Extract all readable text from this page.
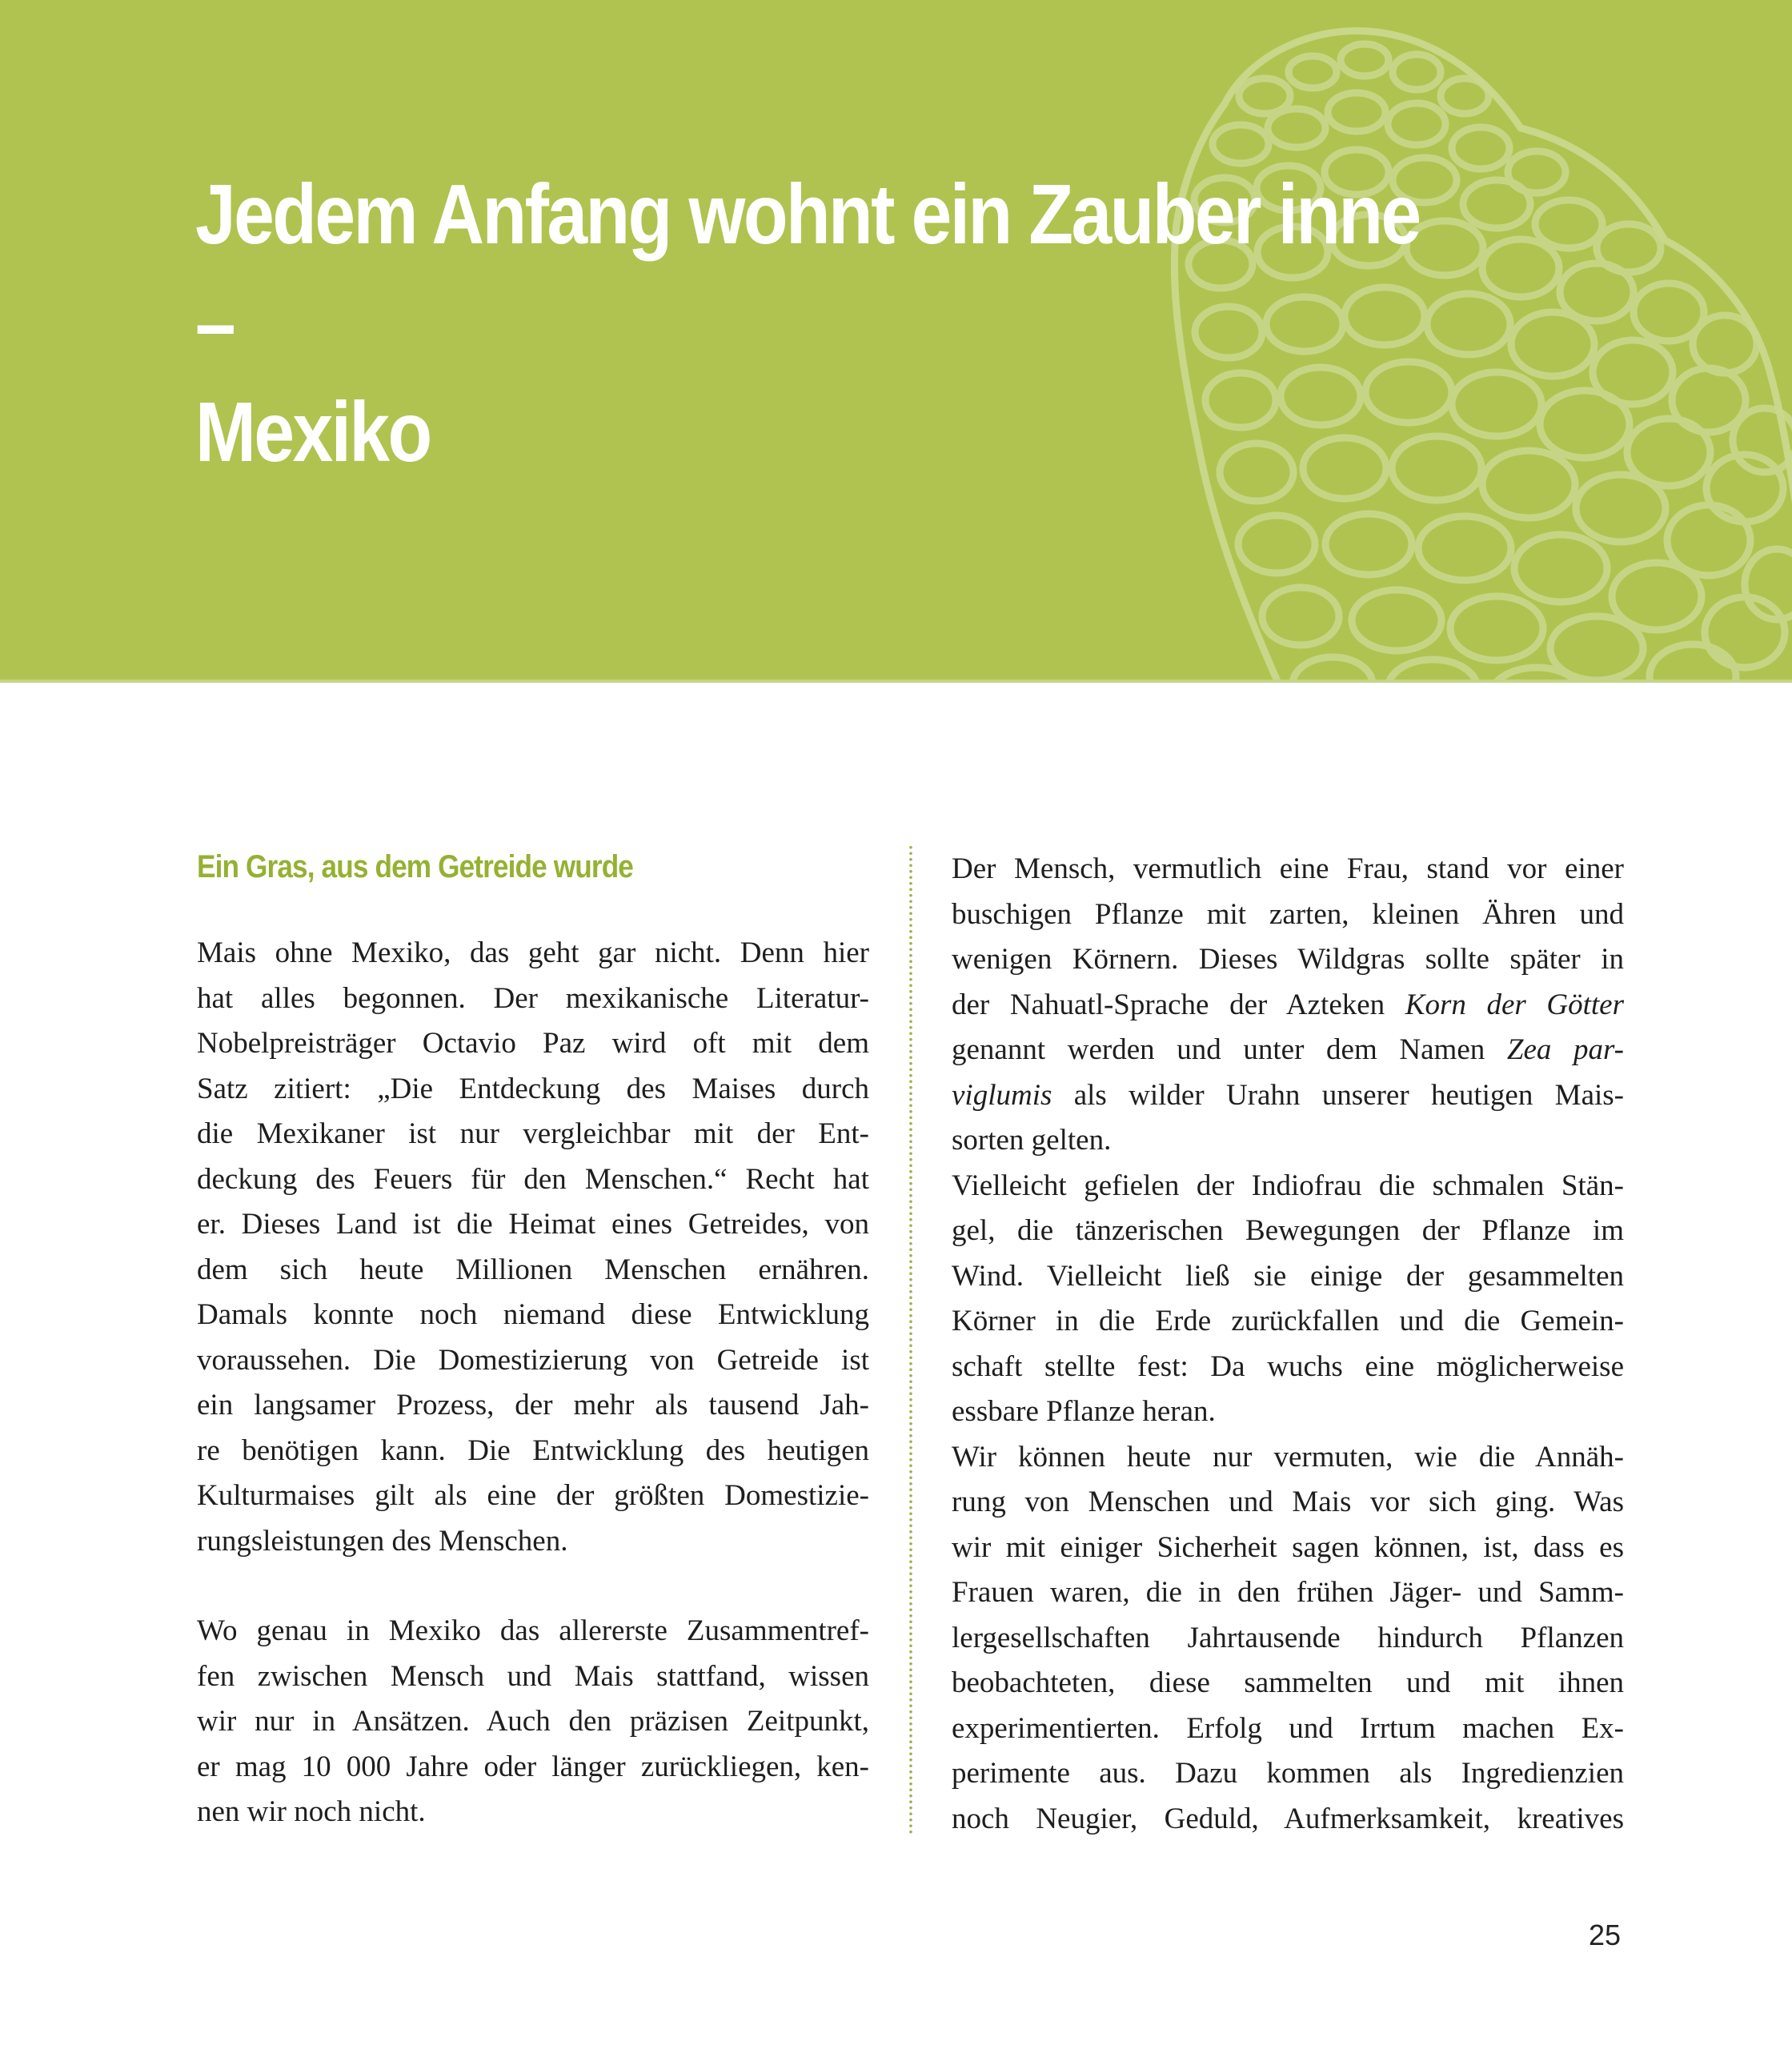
Jedem Anfang wohnt ein Zauber inne –
Mexiko
Ein Gras, aus dem Getreide wurde

Mais ohne Mexiko, das geht gar nicht. Denn hier
hat alles begonnen. Der mexikanische Literatur-
Nobelpreisträger Octavio Paz wird oft mit dem
Satz zitiert: „Die Entdeckung des Maises durch
die Mexikaner ist nur vergleichbar mit der Ent-
deckung des Feuers für den Menschen.“ Recht hat
er. Dieses Land ist die Heimat eines Getreides, von
dem sich heute Millionen Menschen ernähren.
Damals konnte noch niemand diese Entwicklung
voraussehen. Die Domestizierung von Getreide ist
ein langsamer Prozess, der mehr als tausend Jah-
re benötigen kann. Die Entwicklung des heutigen
Kulturmaises gilt als eine der größten Domestizie-
rungsleistungen des Menschen.

Wo genau in Mexiko das allererste Zusammentref-
fen zwischen Mensch und Mais stattfand, wissen
wir nur in Ansätzen. Auch den präzisen Zeitpunkt,
er mag 10 000 Jahre oder länger zurückliegen, ken-
nen wir noch nicht.

Der Mensch, vermutlich eine Frau, stand vor einer
buschigen Pflanze mit zarten, kleinen Ähren und
wenigen Körnern. Dieses Wildgras sollte später in
der Nahuatl-Sprache der Azteken Korn der Götter
genannt werden und unter dem Namen Zea par-
viglumis als wilder Urahn unserer heutigen Mais-
sorten gelten.

Vielleicht gefielen der Indiofrau die schmalen Stän-
gel, die tänzerischen Bewegungen der Pflanze im
Wind. Vielleicht ließ sie einige der gesammelten
Körner in die Erde zurückfallen und die Gemein-
schaft stellte fest: Da wuchs eine möglicherweise
essbare Pflanze heran.

Wir können heute nur vermuten, wie die Annäh-
rung von Menschen und Mais vor sich ging. Was
wir mit einiger Sicherheit sagen können, ist, dass es
Frauen waren, die in den frühen Jäger- und Samm-
lergesellschaften Jahrtausende hindurch Pflanzen
beobachteten, diese sammelten und mit ihnen
experimentierten. Erfolg und Irrtum machen Ex-
perimente aus. Dazu kommen als Ingredienzien
noch Neugier, Geduld, Aufmerksamkeit, kreatives

25
